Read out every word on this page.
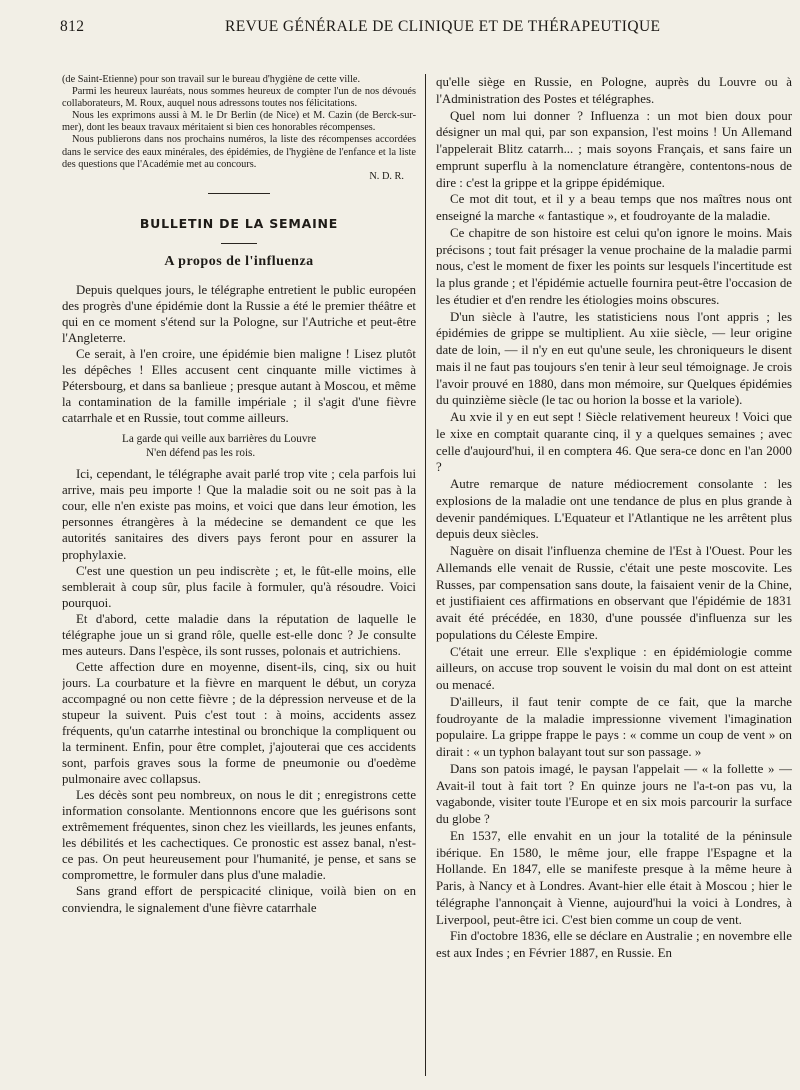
812	REVUE GÉNÉRALE DE CLINIQUE ET DE THÉRAPEUTIQUE

(de Saint-Etienne) pour son travail sur le bureau d'hygiène de cette ville.

Parmi les heureux lauréats, nous sommes heureux de compter l'un de nos dévoués collaborateurs, M. Roux, auquel nous adressons toutes nos félicitations.

Nous les exprimons aussi à M. le Dr Berlin (de Nice) et M. Cazin (de Berck-sur-mer), dont les beaux travaux méritaient si bien ces honorables récompenses.

Nous publierons dans nos prochains numéros, la liste des récompenses accordées dans le service des eaux minérales, des épidémies, de l'hygiène de l'enfance et la liste des questions que l'Académie met au concours.

N. D. R.
BULLETIN DE LA SEMAINE
A propos de l'influenza

Depuis quelques jours, le télégraphe entretient le public européen des progrès d'une épidémie dont la Russie a été le premier théâtre et qui en ce moment s'étend sur la Pologne, sur l'Autriche et peut-être l'Angleterre.

Ce serait, à l'en croire, une épidémie bien maligne ! Lisez plutôt les dépêches ! Elles accusent cent cinquante mille victimes à Pétersbourg, et dans sa banlieue ; presque autant à Moscou, et même la contamination de la famille impériale ; il s'agit d'une fièvre catarrhale et en Russie, tout comme ailleurs.

La garde qui veille aux barrières du Louvre
N'en défend pas les rois.

Ici, cependant, le télégraphe avait parlé trop vite ; cela parfois lui arrive, mais peu importe ! Que la maladie soit ou ne soit pas à la cour, elle n'en existe pas moins, et voici que dans leur émotion, les personnes étrangères à la médecine se demandent ce que les autorités sanitaires des divers pays feront pour en assurer la prophylaxie.

C'est une question un peu indiscrète ; et, le fût-elle moins, elle semblerait à coup sûr, plus facile à formuler, qu'à résoudre. Voici pourquoi.

Et d'abord, cette maladie dans la réputation de laquelle le télégraphe joue un si grand rôle, quelle est-elle donc ? Je consulte mes auteurs. Dans l'espèce, ils sont russes, polonais et autrichiens.

Cette affection dure en moyenne, disent-ils, cinq, six ou huit jours. La courbature et la fièvre en marquent le début, un coryza accompagné ou non cette fièvre ; de la dépression nerveuse et de la stupeur la suivent. Puis c'est tout : à moins, accidents assez fréquents, qu'un catarrhe intestinal ou bronchique la compliquent ou la terminent. Enfin, pour être complet, j'ajouterai que ces accidents sont, parfois graves sous la forme de pneumonie ou d'oedème pulmonaire avec collapsus.

Les décès sont peu nombreux, on nous le dit ; enregistrons cette information consolante. Mentionnons encore que les guérisons sont extrêmement fréquentes, sinon chez les vieillards, les jeunes enfants, les débilités et les cachectiques. Ce pronostic est assez banal, n'est-ce pas. On peut heureusement pour l'humanité, je pense, et sans se compromettre, le formuler dans plus d'une maladie.

Sans grand effort de perspicacité clinique, voilà bien on en conviendra, le signalement d'une fièvre catarrhale

qu'elle siège en Russie, en Pologne, auprès du Louvre ou à l'Administration des Postes et télégraphes.

Quel nom lui donner ? Influenza : un mot bien doux pour désigner un mal qui, par son expansion, l'est moins ! Un Allemand l'appelerait Blitz catarrh... ; mais soyons Français, et sans faire un emprunt superflu à la nomenclature étrangère, contentons-nous de dire : c'est la grippe et la grippe épidémique.

Ce mot dit tout, et il y a beau temps que nos maîtres nous ont enseigné la marche « fantastique », et foudroyante de la maladie.

Ce chapitre de son histoire est celui qu'on ignore le moins. Mais précisons ; tout fait présager la venue prochaine de la maladie parmi nous, c'est le moment de fixer les points sur lesquels l'incertitude est la plus grande ; et l'épidémie actuelle fournira peut-être l'occasion de les étudier et d'en rendre les étiologies moins obscures.

D'un siècle à l'autre, les statisticiens nous l'ont appris ; les épidémies de grippe se multiplient. Au xiie siècle, — leur origine date de loin, — il n'y en eut qu'une seule, les chroniqueurs le disent mais il ne faut pas toujours s'en tenir à leur seul témoignage. Je crois l'avoir prouvé en 1880, dans mon mémoire, sur Quelques épidémies du quinzième siècle (le tac ou horion la bosse et la variole).

Au xvie il y en eut sept ! Siècle relativement heureux ! Voici que le xixe en comptait quarante cinq, il y a quelques semaines ; avec celle d'aujourd'hui, il en comptera 46. Que sera-ce donc en l'an 2000 ?

Autre remarque de nature médiocrement consolante : les explosions de la maladie ont une tendance de plus en plus grande à devenir pandémiques. L'Equateur et l'Atlantique ne les arrêtent plus depuis deux siècles.

Naguère on disait l'influenza chemine de l'Est à l'Ouest. Pour les Allemands elle venait de Russie, c'était une peste moscovite. Les Russes, par compensation sans doute, la faisaient venir de la Chine, et justifiaient ces affirmations en observant que l'épidémie de 1831 avait été précédée, en 1830, d'une poussée d'influenza sur les populations du Céleste Empire.

C'était une erreur. Elle s'explique : en épidémiologie comme ailleurs, on accuse trop souvent le voisin du mal dont on est atteint ou menacé.

D'ailleurs, il faut tenir compte de ce fait, que la marche foudroyante de la maladie impressionne vivement l'imagination populaire. La grippe frappe le pays : « comme un coup de vent » on dirait : « un typhon balayant tout sur son passage. »

Dans son patois imagé, le paysan l'appelait — « la follette » — Avait-il tout à fait tort ? En quinze jours ne l'a-t-on pas vu, la vagabonde, visiter toute l'Europe et en six mois parcourir la surface du globe ?

En 1537, elle envahit en un jour la totalité de la péninsule ibérique. En 1580, le même jour, elle frappe l'Espagne et la Hollande. En 1847, elle se manifeste presque à la même heure à Paris, à Nancy et à Londres. Avant-hier elle était à Moscou ; hier le télégraphe l'annonçait à Vienne, aujourd'hui la voici à Londres, à Liverpool, peut-être ici. C'est bien comme un coup de vent.

Fin d'octobre 1836, elle se déclare en Australie ; en novembre elle est aux Indes ; en Février 1887, en Russie. En
